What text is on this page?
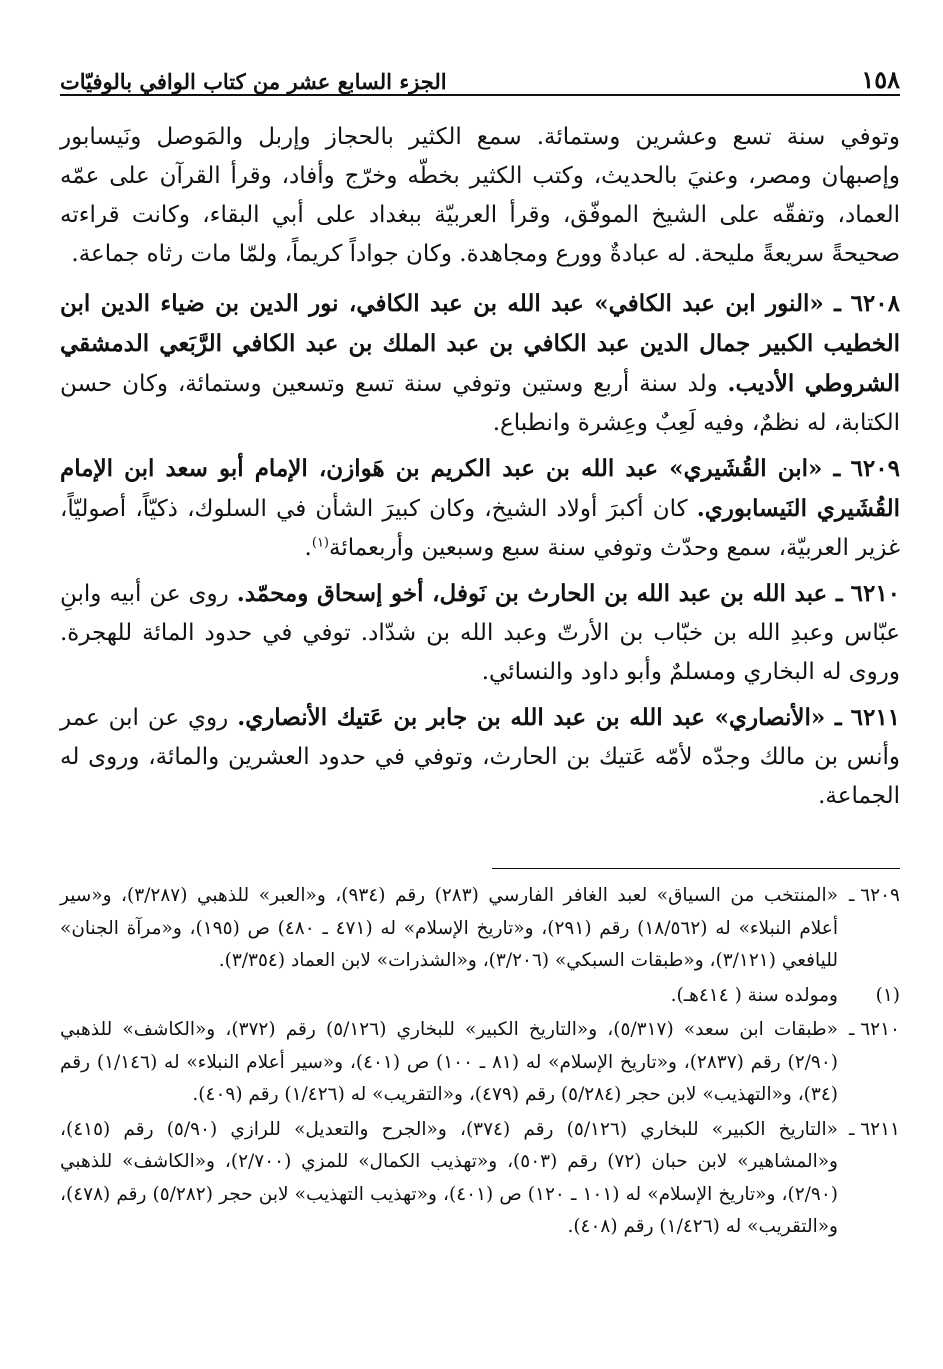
١٥٨
الجزء السابع عشر من كتاب الوافي بالوفيّات

وتوفي سنة تسع وعشرين وستمائة. سمع الكثير بالحجاز وإربل والمَوصل ونَيسابور وإصبهان ومصر، وعنيَ بالحديث، وكتب الكثير بخطّه وخرّج وأفاد، وقرأ القرآن على عمّه العماد، وتفقّه على الشيخ الموفّق، وقرأ العربيّة ببغداد على أبي البقاء، وكانت قراءته صحيحةً سريعةً مليحة. له عبادةٌ وورع ومجاهدة. وكان جواداً كريماً، ولمّا مات رثاه جماعة.

٦٢٠٨ ـ «النور ابن عبد الكافي» عبد الله بن عبد الكافي، نور الدين بن ضياء الدين ابن الخطيب الكبير جمال الدين عبد الكافي بن عبد الملك بن عبد الكافي الرَّبَعي الدمشقي الشروطي الأديب. ولد سنة أربع وستين وتوفي سنة تسع وتسعين وستمائة، وكان حسن الكتابة، له نظمٌ، وفيه لَعِبٌ وعِشرة وانطباع.

٦٢٠٩ ـ «ابن القُشَيري» عبد الله بن عبد الكريم بن هَوازن، الإمام أبو سعد ابن الإمام القُشَيري النَيسابوري. كان أكبرَ أولاد الشيخ، وكان كبيرَ الشأن في السلوك، ذكيّاً، أصوليّاً، غزير العربيّة، سمع وحدّث وتوفي سنة سبع وسبعين وأربعمائة$^{(١)}$.

٦٢١٠ ـ عبد الله بن عبد الله بن الحارث بن نَوفل، أخو إسحاق ومحمّد. روى عن أبيه وابنِ عبّاس وعبدِ الله بن خبّاب بن الأرتّ وعبد الله بن شدّاد. توفي في حدود المائة للهجرة. وروى له البخاري ومسلمٌ وأبو داود والنسائي.

٦٢١١ ـ «الأنصاري» عبد الله بن عبد الله بن جابر بن عَتيك الأنصاري. روي عن ابن عمر وأنس بن مالك وجدّه لأمّه عَتيك بن الحارث، وتوفي في حدود العشرين والمائة، وروى له الجماعة.

٦٢٠٩ ـ
«المنتخب من السياق» لعبد الغافر الفارسي (٢٨٣) رقم (٩٣٤)، و«العبر» للذهبي (٣/٢٨٧)، و«سير أعلام النبلاء» له (١٨/٥٦٢) رقم (٢٩١)، و«تاريخ الإسلام» له (٤٧١ ـ ٤٨٠) ص (١٩٥)، و«مرآة الجنان» لليافعي (٣/١٢١)، و«طبقات السبكي» (٣/٢٠٦)، و«الشذرات» لابن العماد (٣/٣٥٤).
(١)
ومولده سنة ( ٤١٤هـ).
٦٢١٠ ـ
«طبقات ابن سعد» (٥/٣١٧)، و«التاريخ الكبير» للبخاري (٥/١٢٦) رقم (٣٧٢)، و«الكاشف» للذهبي (٢/٩٠) رقم (٢٨٣٧)، و«تاريخ الإسلام» له (٨١ ـ ١٠٠) ص (٤٠١)، و«سير أعلام النبلاء» له (١/١٤٦) رقم (٣٤)، و«التهذيب» لابن حجر (٥/٢٨٤) رقم (٤٧٩)، و«التقريب» له (١/٤٢٦) رقم (٤٠٩).
٦٢١١ ـ
«التاريخ الكبير» للبخاري (٥/١٢٦) رقم (٣٧٤)، و«الجرح والتعديل» للرازي (٥/٩٠) رقم (٤١٥)، و«المشاهير» لابن حبان (٧٢) رقم (٥٠٣)، و«تهذيب الكمال» للمزي (٢/٧٠٠)، و«الكاشف» للذهبي (٢/٩٠)، و«تاريخ الإسلام» له (١٠١ ـ ١٢٠) ص (٤٠١)، و«تهذيب التهذيب» لابن حجر (٥/٢٨٢) رقم (٤٧٨)، و«التقريب» له (١/٤٢٦) رقم (٤٠٨).
